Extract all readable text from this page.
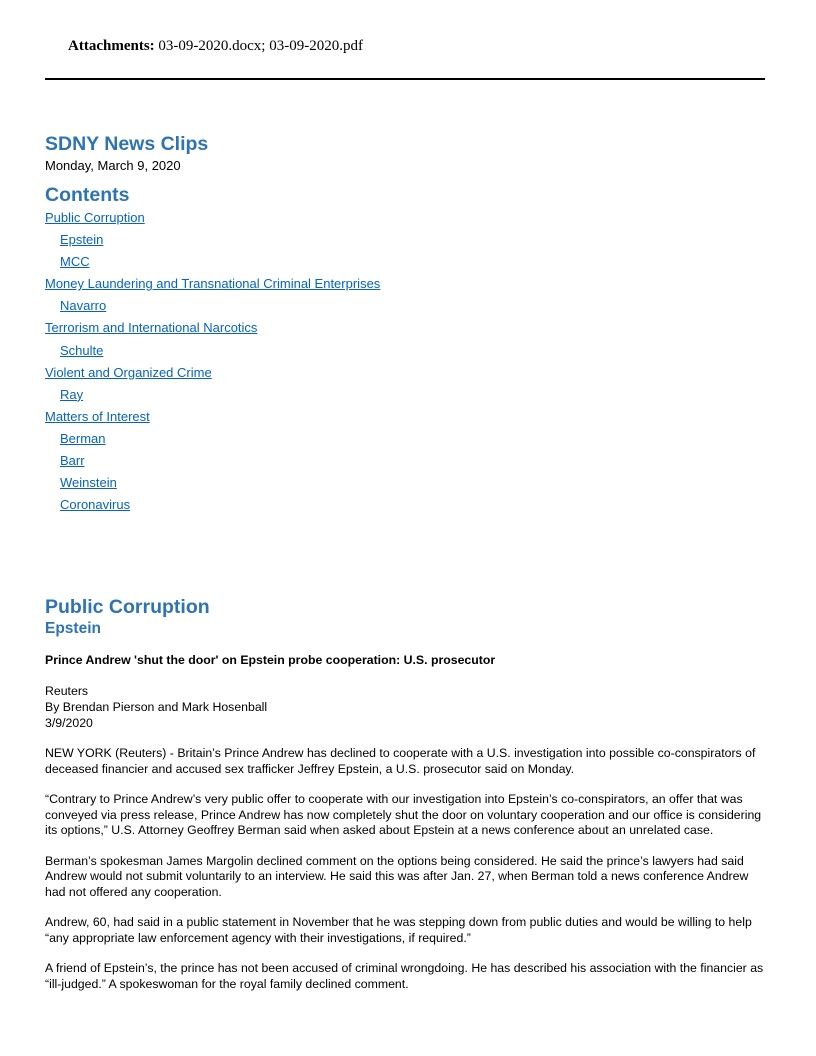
Attachments: 03-09-2020.docx; 03-09-2020.pdf
SDNY News Clips
Monday, March 9, 2020
Contents
Public Corruption
Epstein
MCC
Money Laundering and Transnational Criminal Enterprises
Navarro
Terrorism and International Narcotics
Schulte
Violent and Organized Crime
Ray
Matters of Interest
Berman
Barr
Weinstein
Coronavirus
Public Corruption
Epstein
Prince Andrew 'shut the door' on Epstein probe cooperation: U.S. prosecutor
Reuters
By Brendan Pierson and Mark Hosenball
3/9/2020

NEW YORK (Reuters) - Britain’s Prince Andrew has declined to cooperate with a U.S. investigation into possible co-conspirators of deceased financier and accused sex trafficker Jeffrey Epstein, a U.S. prosecutor said on Monday.

“Contrary to Prince Andrew’s very public offer to cooperate with our investigation into Epstein’s co-conspirators, an offer that was conveyed via press release, Prince Andrew has now completely shut the door on voluntary cooperation and our office is considering its options,” U.S. Attorney Geoffrey Berman said when asked about Epstein at a news conference about an unrelated case.

Berman’s spokesman James Margolin declined comment on the options being considered. He said the prince’s lawyers had said Andrew would not submit voluntarily to an interview. He said this was after Jan. 27, when Berman told a news conference Andrew had not offered any cooperation.

Andrew, 60, had said in a public statement in November that he was stepping down from public duties and would be willing to help “any appropriate law enforcement agency with their investigations, if required.”

A friend of Epstein’s, the prince has not been accused of criminal wrongdoing. He has described his association with the financier as “ill-judged.” A spokeswoman for the royal family declined comment.
